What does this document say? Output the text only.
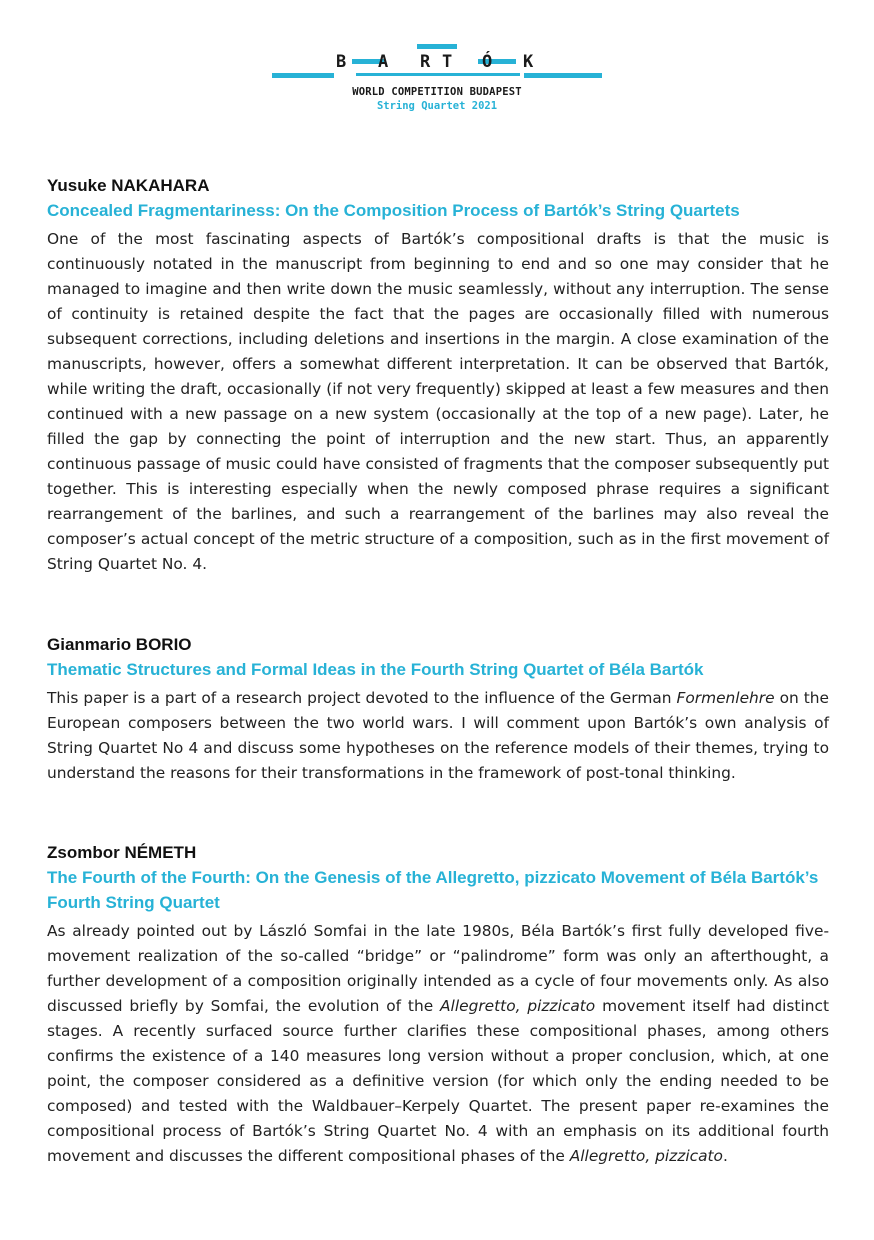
B A R T Ó K
WORLD COMPETITION BUDAPEST
String Quartet 2021

Yusuke NAKAHARA

Concealed Fragmentariness: On the Composition Process of Bartók’s String Quartets

One of the most fascinating aspects of Bartók’s compositional drafts is that the music is continuously notated in the manuscript from beginning to end and so one may consider that he managed to imagine and then write down the music seamlessly, without any interruption. The sense of continuity is retained despite the fact that the pages are occasionally filled with numerous subsequent corrections, including deletions and insertions in the margin. A close examination of the manuscripts, however, offers a somewhat different interpretation. It can be observed that Bartók, while writing the draft, occasionally (if not very frequently) skipped at least a few measures and then continued with a new passage on a new system (occasionally at the top of a new page). Later, he filled the gap by connecting the point of interruption and the new start. Thus, an apparently continuous passage of music could have consisted of fragments that the composer subsequently put together. This is interesting especially when the newly composed phrase requires a significant rearrangement of the barlines, and such a rearrangement of the barlines may also reveal the composer’s actual concept of the metric structure of a composition, such as in the first movement of String Quartet No. 4.

Gianmario BORIO

Thematic Structures and Formal Ideas in the Fourth String Quartet of Béla Bartók

This paper is a part of a research project devoted to the influence of the German Formenlehre on the European composers between the two world wars. I will comment upon Bartók’s own analysis of String Quartet No 4 and discuss some hypotheses on the reference models of their themes, trying to understand the reasons for their transformations in the framework of post-tonal thinking.

Zsombor NÉMETH

The Fourth of the Fourth: On the Genesis of the Allegretto, pizzicato Movement of Béla Bartók’s Fourth String Quartet

As already pointed out by László Somfai in the late 1980s, Béla Bartók’s first fully developed five-movement realization of the so-called “bridge” or “palindrome” form was only an afterthought, a further development of a composition originally intended as a cycle of four movements only. As also discussed briefly by Somfai, the evolution of the Allegretto, pizzicato movement itself had distinct stages. A recently surfaced source further clarifies these compositional phases, among others confirms the existence of a 140 measures long version without a proper conclusion, which, at one point, the composer considered as a definitive version (for which only the ending needed to be composed) and tested with the Waldbauer–Kerpely Quartet. The present paper re-examines the compositional process of Bartók’s String Quartet No. 4 with an emphasis on its additional fourth movement and discusses the different compositional phases of the Allegretto, pizzicato.
